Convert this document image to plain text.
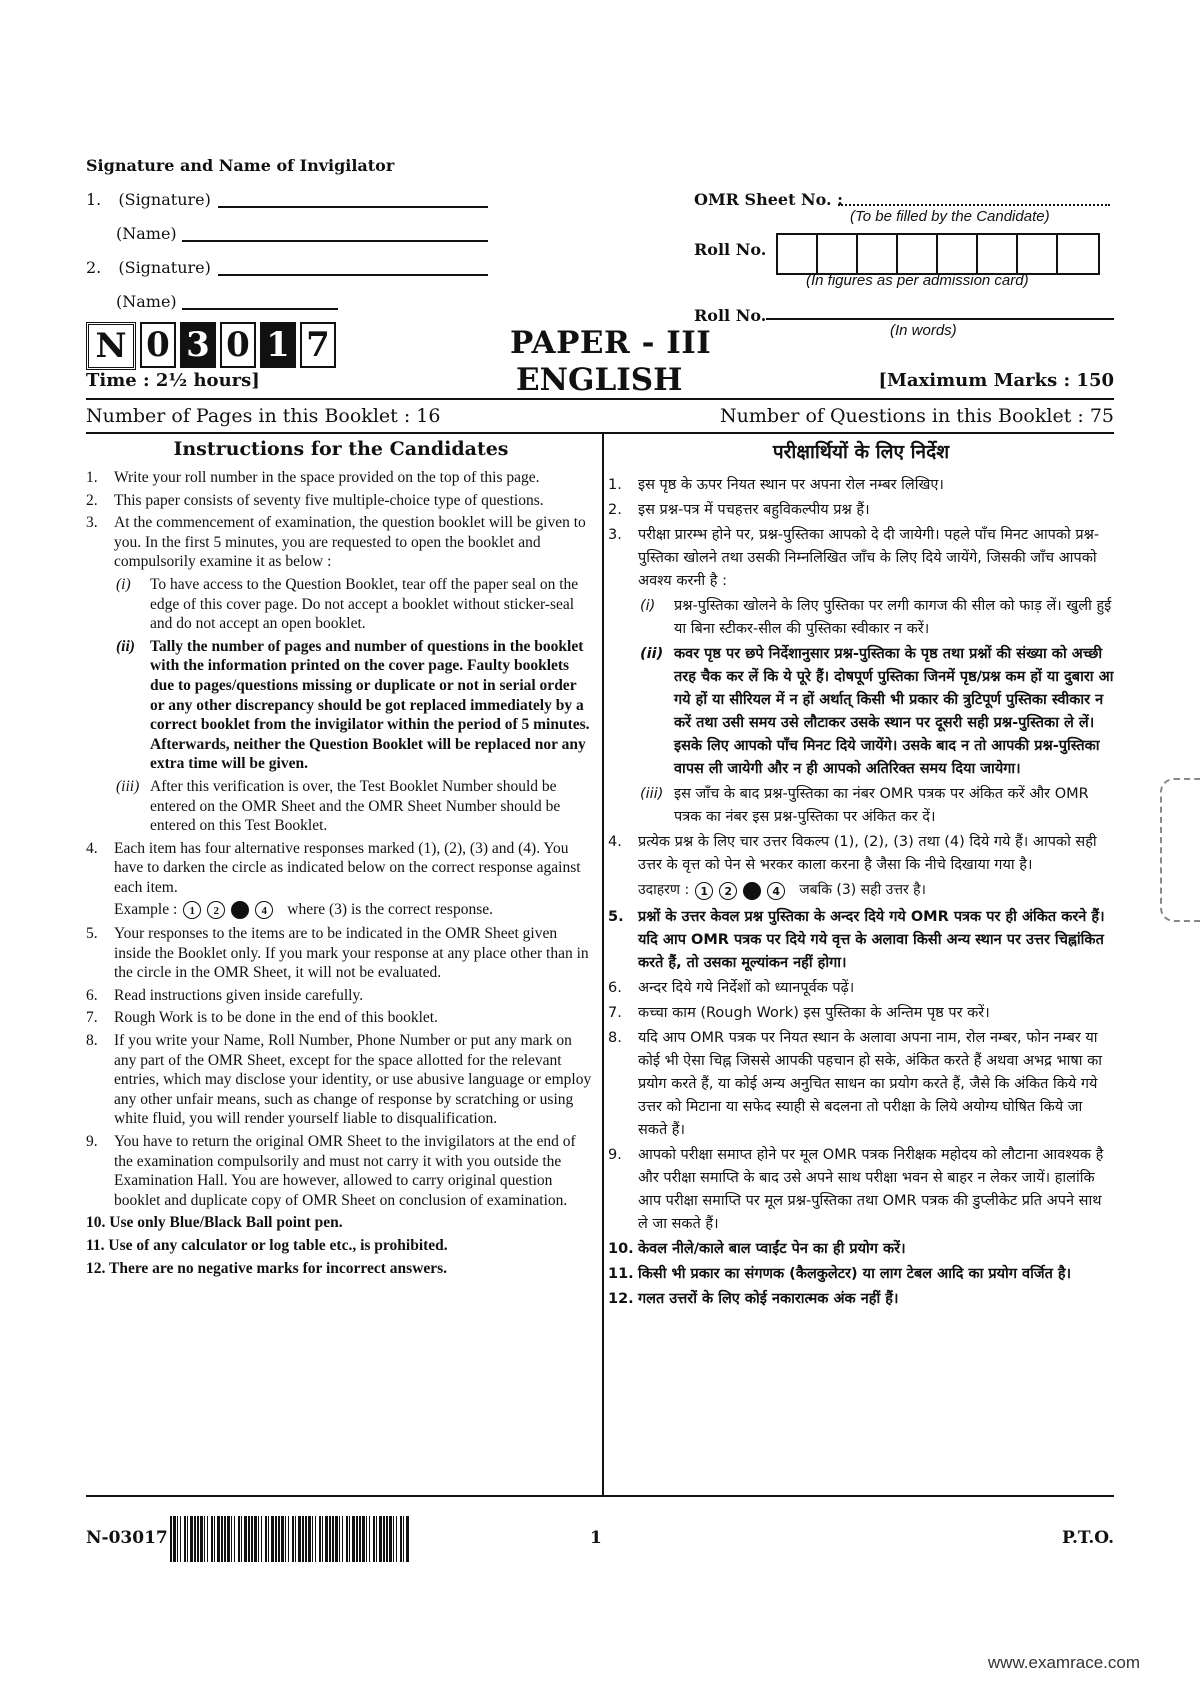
Signature and Name of Invigilator
1. (Signature)
(Name)
2. (Signature)
(Name)
OMR Sheet No. :
(To be filled by the Candidate)
Roll No.
(In figures as per admission card)
Roll No.
(In words)
N 0 3 0 1 7	PAPER - III
ENGLISH
Time : 2½ hours]	[Maximum Marks : 150
Number of Pages in this Booklet : 16	Number of Questions in this Booklet : 75
Instructions for the Candidates

1. Write your roll number in the space provided on the top of this page.

2. This paper consists of seventy five multiple-choice type of questions.

3. At the commencement of examination, the question booklet will be given to you. In the first 5 minutes, you are requested to open the booklet and compulsorily examine it as below :

(i) To have access to the Question Booklet, tear off the paper seal on the edge of this cover page. Do not accept a booklet without sticker-seal and do not accept an open booklet.

(ii) Tally the number of pages and number of questions in the booklet with the information printed on the cover page. Faulty booklets due to pages/questions missing or duplicate or not in serial order or any other discrepancy should be got replaced immediately by a correct booklet from the invigilator within the period of 5 minutes. Afterwards, neither the Question Booklet will be replaced nor any extra time will be given.

(iii) After this verification is over, the Test Booklet Number should be entered on the OMR Sheet and the OMR Sheet Number should be entered on this Test Booklet.

4. Each item has four alternative responses marked (1), (2), (3) and (4). You have to darken the circle as indicated below on the correct response against each item.

Example :	1	2	4	where (3) is the correct response.

5. Your responses to the items are to be indicated in the OMR Sheet given inside the Booklet only. If you mark your response at any place other than in the circle in the OMR Sheet, it will not be evaluated.

6. Read instructions given inside carefully.

7. Rough Work is to be done in the end of this booklet.

8. If you write your Name, Roll Number, Phone Number or put any mark on any part of the OMR Sheet, except for the space allotted for the relevant entries, which may disclose your identity, or use abusive language or employ any other unfair means, such as change of response by scratching or using white fluid, you will render yourself liable to disqualification.

9. You have to return the original OMR Sheet to the invigilators at the end of the examination compulsorily and must not carry it with you outside the Examination Hall. You are however, allowed to carry original question booklet and duplicate copy of OMR Sheet on conclusion of examination.

10. Use only Blue/Black Ball point pen.

11. Use of any calculator or log table etc., is prohibited.

12. There are no negative marks for incorrect answers.

परीक्षार्थियों के लिए निर्देश

1. इस पृष्ठ के ऊपर नियत स्थान पर अपना रोल नम्बर लिखिए।

2. इस प्रश्न-पत्र में पचहत्तर बहुविकल्पीय प्रश्न हैं।

3. परीक्षा प्रारम्भ होने पर, प्रश्न-पुस्तिका आपको दे दी जायेगी। पहले पाँच मिनट आपको प्रश्न-पुस्तिका खोलने तथा उसकी निम्नलिखित जाँच के लिए दिये जायेंगे, जिसकी जाँच आपको अवश्य करनी है :

(i) प्रश्न-पुस्तिका खोलने के लिए पुस्तिका पर लगी कागज की सील को फाड़ लें। खुली हुई या बिना स्टीकर-सील की पुस्तिका स्वीकार न करें।

(ii) कवर पृष्ठ पर छपे निर्देशानुसार प्रश्न-पुस्तिका के पृष्ठ तथा प्रश्नों की संख्या को अच्छी तरह चैक कर लें कि ये पूरे हैं। दोषपूर्ण पुस्तिका जिनमें पृष्ठ/प्रश्न कम हों या दुबारा आ गये हों या सीरियल में न हों अर्थात् किसी भी प्रकार की त्रुटिपूर्ण पुस्तिका स्वीकार न करें तथा उसी समय उसे लौटाकर उसके स्थान पर दूसरी सही प्रश्न-पुस्तिका ले लें। इसके लिए आपको पाँच मिनट दिये जायेंगे। उसके बाद न तो आपकी प्रश्न-पुस्तिका वापस ली जायेगी और न ही आपको अतिरिक्त समय दिया जायेगा।

(iii) इस जाँच के बाद प्रश्न-पुस्तिका का नंबर OMR पत्रक पर अंकित करें और OMR पत्रक का नंबर इस प्रश्न-पुस्तिका पर अंकित कर दें।

4. प्रत्येक प्रश्न के लिए चार उत्तर विकल्प (1), (2), (3) तथा (4) दिये गये हैं। आपको सही उत्तर के वृत्त को पेन से भरकर काला करना है जैसा कि नीचे दिखाया गया है।

उदाहरण :	1	2	4	जबकि (3) सही उत्तर है।

5. प्रश्नों के उत्तर केवल प्रश्न पुस्तिका के अन्दर दिये गये OMR पत्रक पर ही अंकित करने हैं। यदि आप OMR पत्रक पर दिये गये वृत्त के अलावा किसी अन्य स्थान पर उत्तर चिह्नांकित करते हैं, तो उसका मूल्यांकन नहीं होगा।

6. अन्दर दिये गये निर्देशों को ध्यानपूर्वक पढ़ें।

7. कच्चा काम (Rough Work) इस पुस्तिका के अन्तिम पृष्ठ पर करें।

8. यदि आप OMR पत्रक पर नियत स्थान के अलावा अपना नाम, रोल नम्बर, फोन नम्बर या कोई भी ऐसा चिह्न जिससे आपकी पहचान हो सके, अंकित करते हैं अथवा अभद्र भाषा का प्रयोग करते हैं, या कोई अन्य अनुचित साधन का प्रयोग करते हैं, जैसे कि अंकित किये गये उत्तर को मिटाना या सफेद स्याही से बदलना तो परीक्षा के लिये अयोग्य घोषित किये जा सकते हैं।

9. आपको परीक्षा समाप्त होने पर मूल OMR पत्रक निरीक्षक महोदय को लौटाना आवश्यक है और परीक्षा समाप्ति के बाद उसे अपने साथ परीक्षा भवन से बाहर न लेकर जायें। हालांकि आप परीक्षा समाप्ति पर मूल प्रश्न-पुस्तिका तथा OMR पत्रक की डुप्लीकेट प्रति अपने साथ ले जा सकते हैं।

10. केवल नीले/काले बाल प्वाईंट पेन का ही प्रयोग करें।

11. किसी भी प्रकार का संगणक (कैलकुलेटर) या लाग टेबल आदि का प्रयोग वर्जित है।

12. गलत उत्तरों के लिए कोई नकारात्मक अंक नहीं हैं।

N-03017	1	P.T.O.
www.examrace.com
